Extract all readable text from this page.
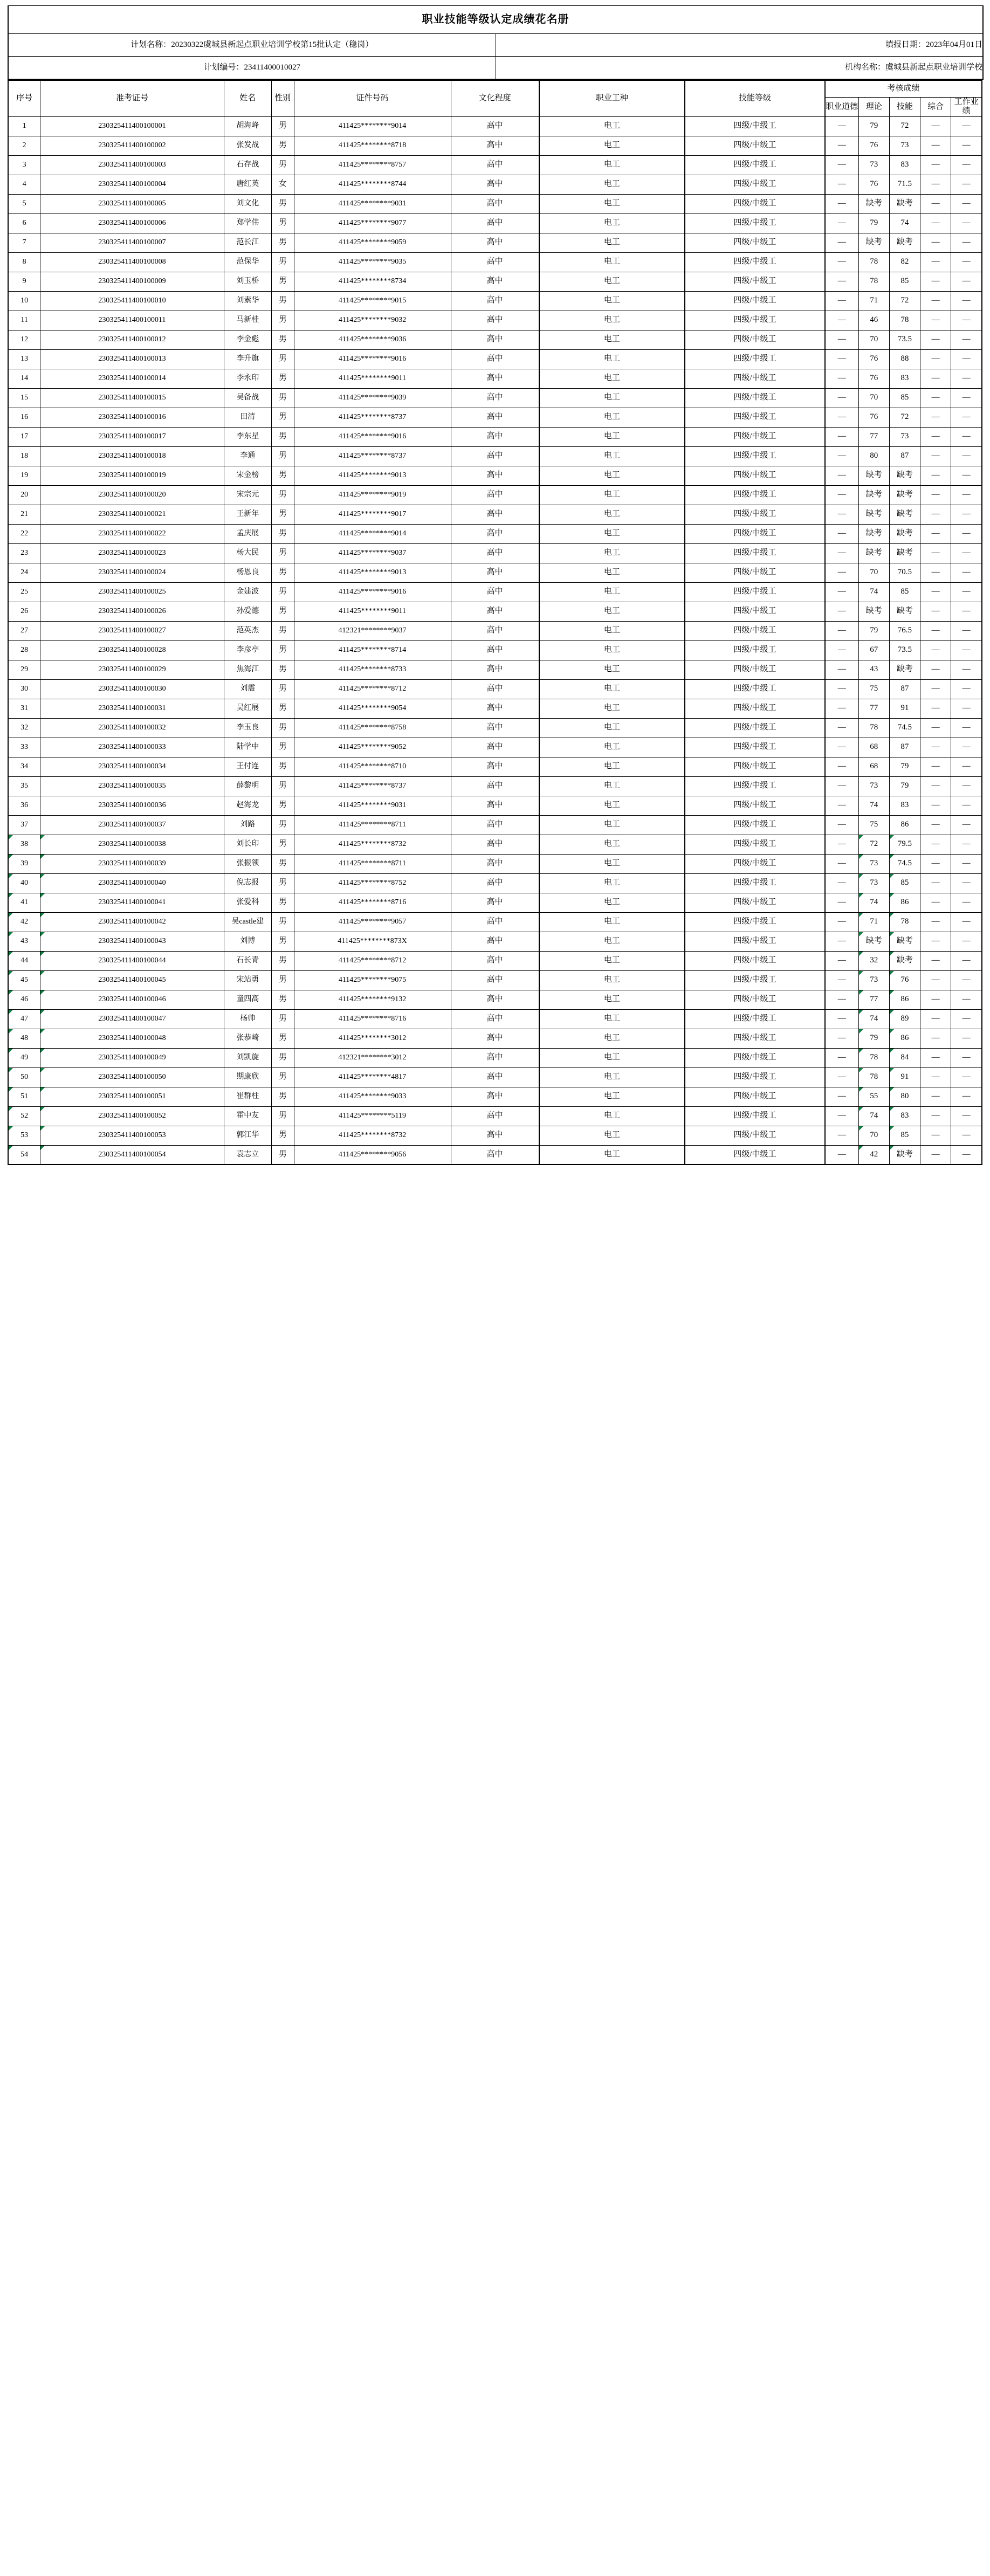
职业技能等级认定成绩花名册	
计划名称：20230322虞城县新起点职业培训学校第15批认定（稳岗）	填报日期：2023年04月01日
计划编号：23411400010027	机构名称：虞城县新起点职业培训学校
序号	准考证号	姓名	性别	证件号码	文化程度	职业工种	技能等级	考核成绩				
								职业道德	理论	技能	综合	工作业绩
1	230325411400100001	胡海峰	男	411425********9014	高中	电工	四级/中级工	—	79	72	—	—
2	230325411400100002	张发战	男	411425********8718	高中	电工	四级/中级工	—	76	73	—	—
3	230325411400100003	石存战	男	411425********8757	高中	电工	四级/中级工	—	73	83	—	—
4	230325411400100004	唐红英	女	411425********8744	高中	电工	四级/中级工	—	76	71.5	—	—
5	230325411400100005	刘文化	男	411425********9031	高中	电工	四级/中级工	—	缺考	缺考	—	—
6	230325411400100006	郑学伟	男	411425********9077	高中	电工	四级/中级工	—	79	74	—	—
7	230325411400100007	范长江	男	411425********9059	高中	电工	四级/中级工	—	缺考	缺考	—	—
8	230325411400100008	范保华	男	411425********9035	高中	电工	四级/中级工	—	78	82	—	—
9	230325411400100009	刘玉桥	男	411425********8734	高中	电工	四级/中级工	—	78	85	—	—
10	230325411400100010	刘素华	男	411425********9015	高中	电工	四级/中级工	—	71	72	—	—
11	230325411400100011	马新桂	男	411425********9032	高中	电工	四级/中级工	—	46	78	—	—
12	230325411400100012	李金彪	男	411425********9036	高中	电工	四级/中级工	—	70	73.5	—	—
13	230325411400100013	李升旗	男	411425********9016	高中	电工	四级/中级工	—	76	88	—	—
14	230325411400100014	李永印	男	411425********9011	高中	电工	四级/中级工	—	76	83	—	—
15	230325411400100015	吴备战	男	411425********9039	高中	电工	四级/中级工	—	70	85	—	—
16	230325411400100016	田清	男	411425********8737	高中	电工	四级/中级工	—	76	72	—	—
17	230325411400100017	李东星	男	411425********9016	高中	电工	四级/中级工	—	77	73	—	—
18	230325411400100018	李通	男	411425********8737	高中	电工	四级/中级工	—	80	87	—	—
19	230325411400100019	宋金榜	男	411425********9013	高中	电工	四级/中级工	—	缺考	缺考	—	—
20	230325411400100020	宋宗元	男	411425********9019	高中	电工	四级/中级工	—	缺考	缺考	—	—
21	230325411400100021	王新年	男	411425********9017	高中	电工	四级/中级工	—	缺考	缺考	—	—
22	230325411400100022	孟庆展	男	411425********9014	高中	电工	四级/中级工	—	缺考	缺考	—	—
23	230325411400100023	杨大民	男	411425********9037	高中	电工	四级/中级工	—	缺考	缺考	—	—
24	230325411400100024	杨恩良	男	411425********9013	高中	电工	四级/中级工	—	70	70.5	—	—
25	230325411400100025	金建波	男	411425********9016	高中	电工	四级/中级工	—	74	85	—	—
26	230325411400100026	孙爱德	男	411425********9011	高中	电工	四级/中级工	—	缺考	缺考	—	—
27	230325411400100027	范英杰	男	412321********9037	高中	电工	四级/中级工	—	79	76.5	—	—
28	230325411400100028	李彦亭	男	411425********8714	高中	电工	四级/中级工	—	67	73.5	—	—
29	230325411400100029	焦海江	男	411425********8733	高中	电工	四级/中级工	—	43	缺考	—	—
30	230325411400100030	刘震	男	411425********8712	高中	电工	四级/中级工	—	75	87	—	—
31	230325411400100031	吴红展	男	411425********9054	高中	电工	四级/中级工	—	77	91	—	—
32	230325411400100032	李玉良	男	411425********8758	高中	电工	四级/中级工	—	78	74.5	—	—
33	230325411400100033	陆学中	男	411425********9052	高中	电工	四级/中级工	—	68	87	—	—
34	230325411400100034	王付连	男	411425********8710	高中	电工	四级/中级工	—	68	79	—	—
35	230325411400100035	薛黎明	男	411425********8737	高中	电工	四级/中级工	—	73	79	—	—
36	230325411400100036	赵海龙	男	411425********9031	高中	电工	四级/中级工	—	74	83	—	—
37	230325411400100037	刘路	男	411425********8711	高中	电工	四级/中级工	—	75	86	—	—
38	230325411400100038	刘长印	男	411425********8732	高中	电工	四级/中级工	—	72	79.5	—	—
39	230325411400100039	张振领	男	411425********8711	高中	电工	四级/中级工	—	73	74.5	—	—
40	230325411400100040	倪志报	男	411425********8752	高中	电工	四级/中级工	—	73	85	—	—
41	230325411400100041	张爱科	男	411425********8716	高中	电工	四级/中级工	—	74	86	—	—
42	230325411400100042	吴castle建	男	411425********9057	高中	电工	四级/中级工	—	71	78	—	—
43	230325411400100043	刘博	男	411425********873X	高中	电工	四级/中级工	—	缺考	缺考	—	—
44	230325411400100044	石长青	男	411425********8712	高中	电工	四级/中级工	—	32	缺考	—	—
45	230325411400100045	宋站勇	男	411425********9075	高中	电工	四级/中级工	—	73	76	—	—
46	230325411400100046	童四高	男	411425********9132	高中	电工	四级/中级工	—	77	86	—	—
47	230325411400100047	杨帅	男	411425********8716	高中	电工	四级/中级工	—	74	89	—	—
48	230325411400100048	张恭崎	男	411425********3012	高中	电工	四级/中级工	—	79	86	—	—
49	230325411400100049	刘凯旋	男	412321********3012	高中	电工	四级/中级工	—	78	84	—	—
50	230325411400100050	期康欣	男	411425********4817	高中	电工	四级/中级工	—	78	91	—	—
51	230325411400100051	崔群柱	男	411425********9033	高中	电工	四级/中级工	—	55	80	—	—
52	230325411400100052	霍中友	男	411425********5119	高中	电工	四级/中级工	—	74	83	—	—
53	230325411400100053	郭江华	男	411425********8732	高中	电工	四级/中级工	—	70	85	—	—
54	230325411400100054	袁志立	男	411425********9056	高中	电工	四级/中级工	—	42	缺考	—	—
